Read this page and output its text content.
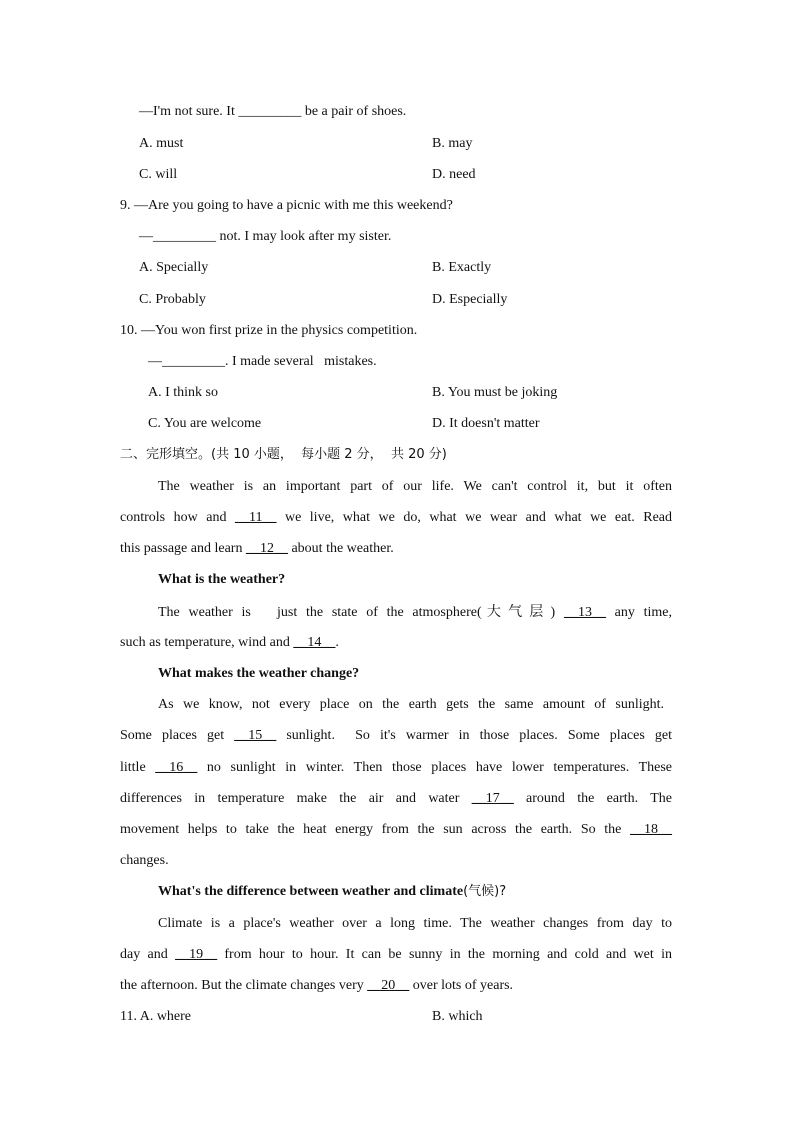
—I'm not sure. It _________ be a pair of shoes.
A. must	B. may
C. will	D. need
9. —Are you going to have a picnic with me this weekend?
—_________ not. I may look after my sister.
A. Specially	B. Exactly
C. Probably	D. Especially
10. —You won first prize in the physics competition.
—_________. I made several   mistakes.
A. I think so	B. You must be joking
C. You are welcome	D. It doesn't matter
二、完形填空。(共 10 小题，  每小题 2 分，  共 20 分)
The weather is an important part of our life. We can't control it, but it often
controls how and __11__ we live, what we do, what we wear and what we eat. Read
this passage and learn __12__ about the weather.
What is the weather?
The weather is   just the state of the atmosphere(大气层) __13__ any time,
such as temperature, wind and __14__.
What makes the weather change?
As we know, not every place on the earth gets the same amount of sunlight.
Some places get __15__ sunlight.  So it's warmer in those places. Some places get
little __16__ no sunlight in winter. Then those places have lower temperatures. These
differences in temperature make the air and water __17__ around the earth. The
movement helps to take the heat energy from the sun across the earth. So the __18__
changes.
What's the difference between weather and climate(气候)?
Climate is a place's weather over a long time. The weather changes from day to
day and __19__ from hour to hour. It can be sunny in the morning and cold and wet in
the afternoon. But the climate changes very __20__ over lots of years.
11. A. where	B. which
